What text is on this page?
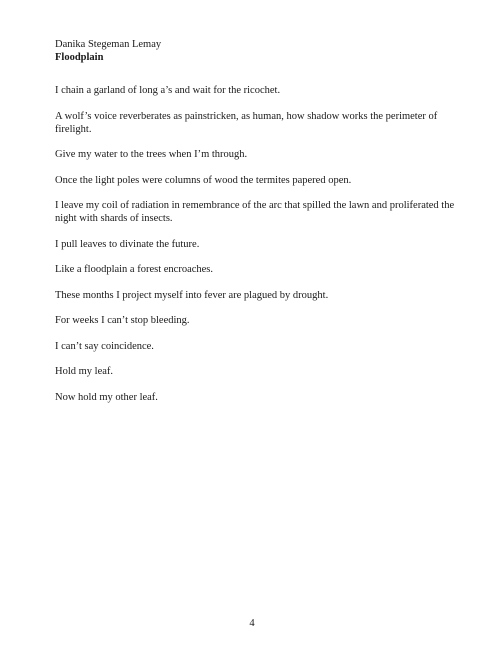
Danika Stegeman Lemay
Floodplain

I chain a garland of long a’s and wait for the ricochet.

A wolf’s voice reverberates as painstricken, as human, how shadow works the perimeter of firelight.

Give my water to the trees when I’m through.

Once the light poles were columns of wood the termites papered open.

I leave my coil of radiation in remembrance of the arc that spilled the lawn and proliferated the night with shards of insects.

I pull leaves to divinate the future.

Like a floodplain a forest encroaches.

These months I project myself into fever are plagued by drought.

For weeks I can’t stop bleeding.

I can’t say coincidence.

Hold my leaf.

Now hold my other leaf.

4
